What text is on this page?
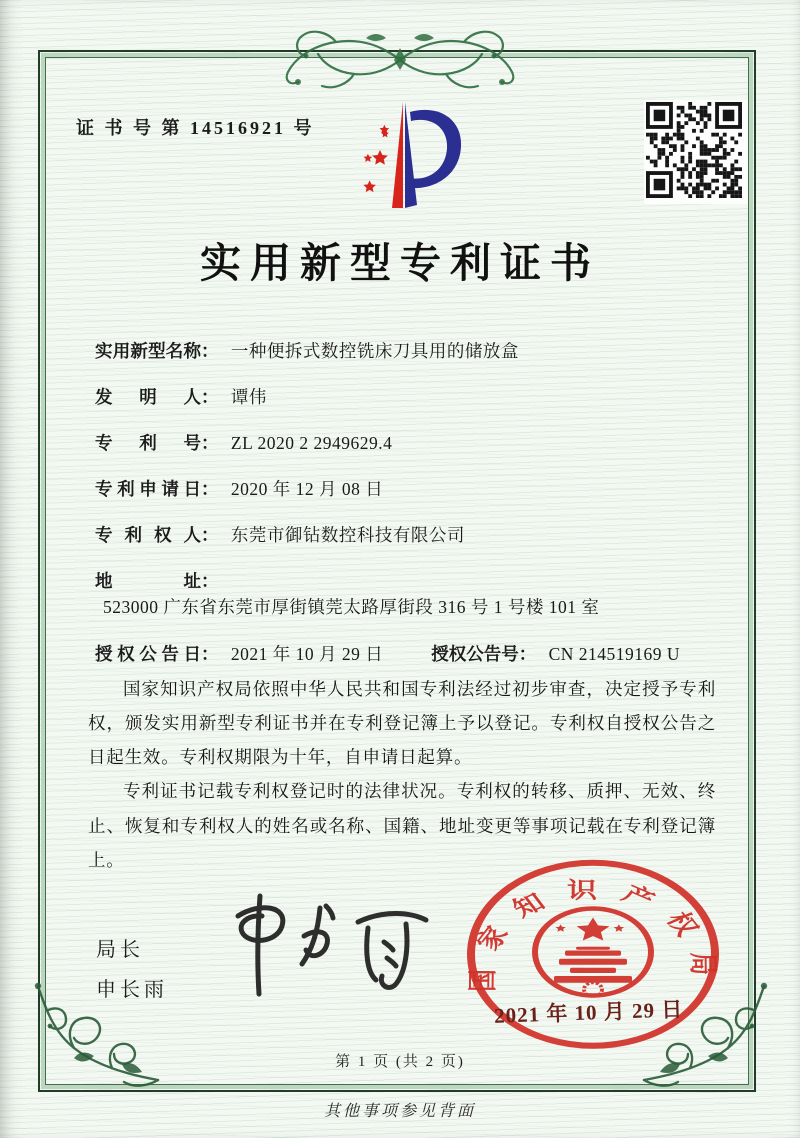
证 书 号 第 14516921 号
实用新型专利证书
实用新型名称： 一种便拆式数控铣床刀具用的储放盒
发明人： 谭伟
专利号： ZL 2020 2 2949629.4
专利申请日： 2020 年 12 月 08 日
专利权人： 东莞市御钻数控科技有限公司
地址： 523000 广东省东莞市厚街镇莞太路厚街段 316 号 1 号楼 101 室
授权公告日： 2021 年 10 月 29 日	授权公告号： CN 214519169 U

国家知识产权局依照中华人民共和国专利法经过初步审查，决定授予专利权，颁发实用新型专利证书并在专利登记簿上予以登记。专利权自授权公告之日起生效。专利权期限为十年，自申请日起算。

专利证书记载专利权登记时的法律状况。专利权的转移、质押、无效、终止、恢复和专利权人的姓名或名称、国籍、地址变更等事项记载在专利登记簿上。

局长
申长雨	国家知识产权局
2021 年 10 月 29 日
第 1 页 (共 2 页)
其他事项参见背面
